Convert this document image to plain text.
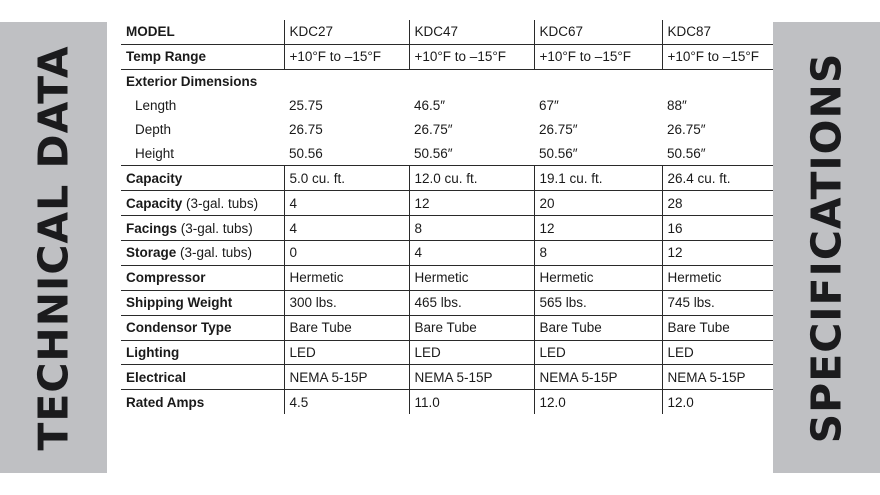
TECHNICAL DATA	SPECIFICATIONS
MODEL	KDC27	KDC47	KDC67	KDC87
Temp Range	+10°F to –15°F	+10°F to –15°F	+10°F to –15°F	+10°F to –15°F
Exterior Dimensions				
Length	25.75	46.5″	67″	88″
Depth	26.75	26.75″	26.75″	26.75″
Height	50.56	50.56″	50.56″	50.56″
Capacity	5.0 cu. ft.	12.0 cu. ft.	19.1 cu. ft.	26.4 cu. ft.
Capacity (3-gal. tubs)	4	12	20	28
Facings (3-gal. tubs)	4	8	12	16
Storage (3-gal. tubs)	0	4	8	12
Compressor	Hermetic	Hermetic	Hermetic	Hermetic
Shipping Weight	300 lbs.	465 lbs.	565 lbs.	745 lbs.
Condensor Type	Bare Tube	Bare Tube	Bare Tube	Bare Tube
Lighting	LED	LED	LED	LED
Electrical	NEMA 5-15P	NEMA 5-15P	NEMA 5-15P	NEMA 5-15P
Rated Amps	4.5	11.0	12.0	12.0
